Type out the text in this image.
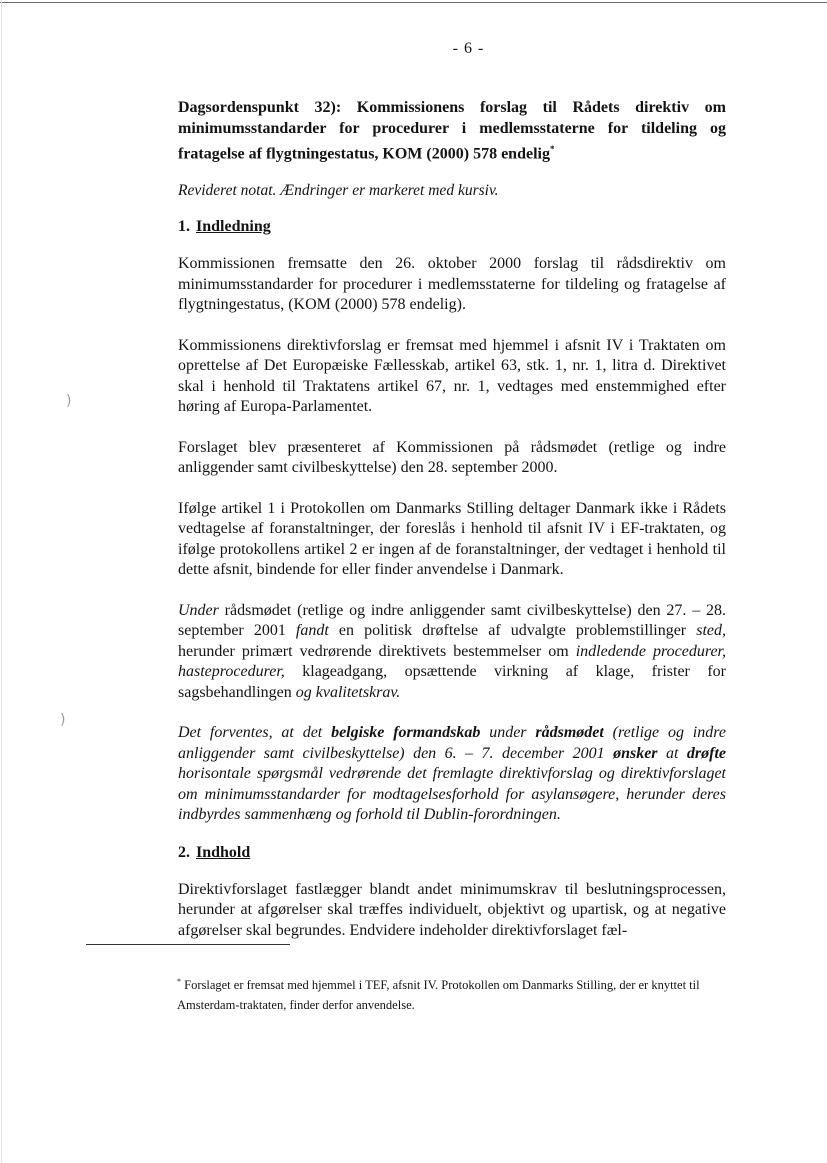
)
)
- 6 -

Dagsordenspunkt 32): Kommissionens forslag til Rådets direktiv om minimumsstandarder for procedurer i medlemsstaterne for tildeling og fratagelse af flygtningestatus, KOM (2000) 578 endelig*

Revideret notat. Ændringer er markeret med kursiv.

1. Indledning

Kommissionen fremsatte den 26. oktober 2000 forslag til rådsdirektiv om minimumsstandarder for procedurer i medlemsstaterne for tildeling og fratagelse af flygtningestatus, (KOM (2000) 578 endelig).

Kommissionens direktivforslag er fremsat med hjemmel i afsnit IV i Traktaten om oprettelse af Det Europæiske Fællesskab, artikel 63, stk. 1, nr. 1, litra d. Direktivet skal i henhold til Traktatens artikel 67, nr. 1, vedtages med enstemmighed efter høring af Europa-Parlamentet.

Forslaget blev præsenteret af Kommissionen på rådsmødet (retlige og indre anliggender samt civilbeskyttelse) den 28. september 2000.

Ifølge artikel 1 i Protokollen om Danmarks Stilling deltager Danmark ikke i Rådets vedtagelse af foranstaltninger, der foreslås i henhold til afsnit IV i EF-traktaten, og ifølge protokollens artikel 2 er ingen af de foranstaltninger, der vedtaget i henhold til dette afsnit, bindende for eller finder anvendelse i Danmark.

Under rådsmødet (retlige og indre anliggender samt civilbeskyttelse) den 27. – 28. september 2001 fandt en politisk drøftelse af udvalgte problemstillinger sted, herunder primært vedrørende direktivets bestemmelser om indledende procedurer, hasteprocedurer, klageadgang, opsættende virkning af klage, frister for sagsbehandlingen og kvalitetskrav.

Det forventes, at det belgiske formandskab under rådsmødet (retlige og indre anliggender samt civilbeskyttelse) den 6. – 7. december 2001 ønsker at drøfte horisontale spørgsmål vedrørende det fremlagte direktivforslag og direktivforslaget om minimumsstandarder for modtagelsesforhold for asylansøgere, herunder deres indbyrdes sammenhæng og forhold til Dublin-forordningen.

2. Indhold

Direktivforslaget fastlægger blandt andet minimumskrav til beslutningsprocessen, herunder at afgørelser skal træffes individuelt, objektivt og upartisk, og at negative afgørelser skal begrundes. Endvidere indeholder direktivforslaget fæl-

* Forslaget er fremsat med hjemmel i TEF, afsnit IV. Protokollen om Danmarks Stilling, der er knyttet til Amsterdam-traktaten, finder derfor anvendelse.
